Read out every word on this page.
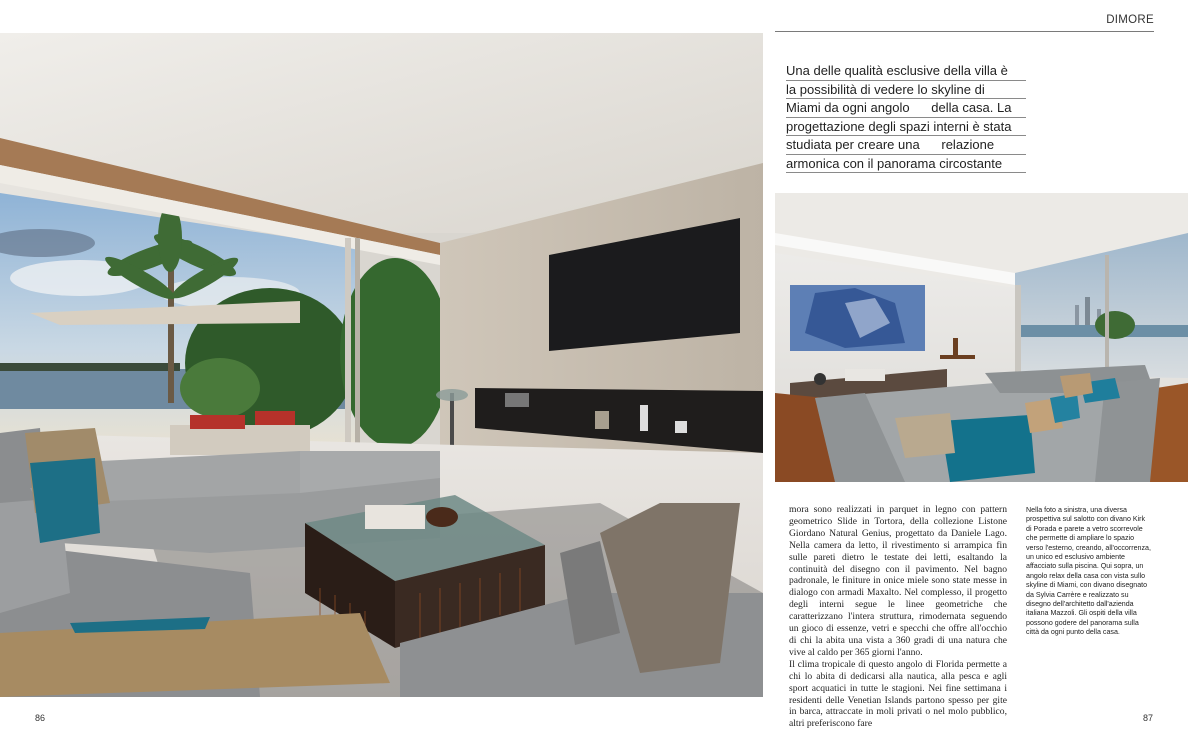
86
DIMORE
Una delle qualità esclusive della villa è
la possibilità di vedere lo skyline di
Miami da ogni angolo      della casa. La
progettazione degli spazi interni è stata
studiata per creare una      relazione
armonica con il panorama circostante

mora sono realizzati in parquet in legno con pattern geometrico Slide in Tortora, della collezione Listone Giordano Natural Genius, progettato da Daniele Lago. Nella camera da letto, il rivestimento si arrampica fin sulle pareti dietro le testate dei letti, esaltando la continuità del disegno con il pavimento. Nel bagno padronale, le finiture in onice miele sono state messe in dialogo con armadi Maxalto. Nel complesso, il progetto degli interni segue le linee geometriche che caratterizzano l'intera struttura, rimodernata seguendo un gioco di essenze, vetri e specchi che offre all'occhio di chi la abita una vista a 360 gradi di una natura che vive al caldo per 365 giorni l'anno.

Il clima tropicale di questo angolo di Florida permette a chi lo abita di dedicarsi alla nautica, alla pesca e agli sport acquatici in tutte le stagioni. Nei fine settimana i residenti delle Venetian Islands partono spesso per gite in barca, attraccate in moli privati o nel molo pubblico, altri preferiscono fare

Nella foto a sinistra, una diversa prospettiva sul salotto con divano Kirk di Porada e parete a vetro scorrevole che permette di ampliare lo spazio verso l'esterno, creando, all'occorrenza, un unico ed esclusivo ambiente affacciato sulla piscina. Qui sopra, un angolo relax della casa con vista sullo skyline di Miami, con divano disegnato da Sylvia Carrère e realizzato su disegno dell'architetto dall'azienda italiana Mazzoli. Gli ospiti della villa possono godere del panorama sulla città da ogni punto della casa.
87
